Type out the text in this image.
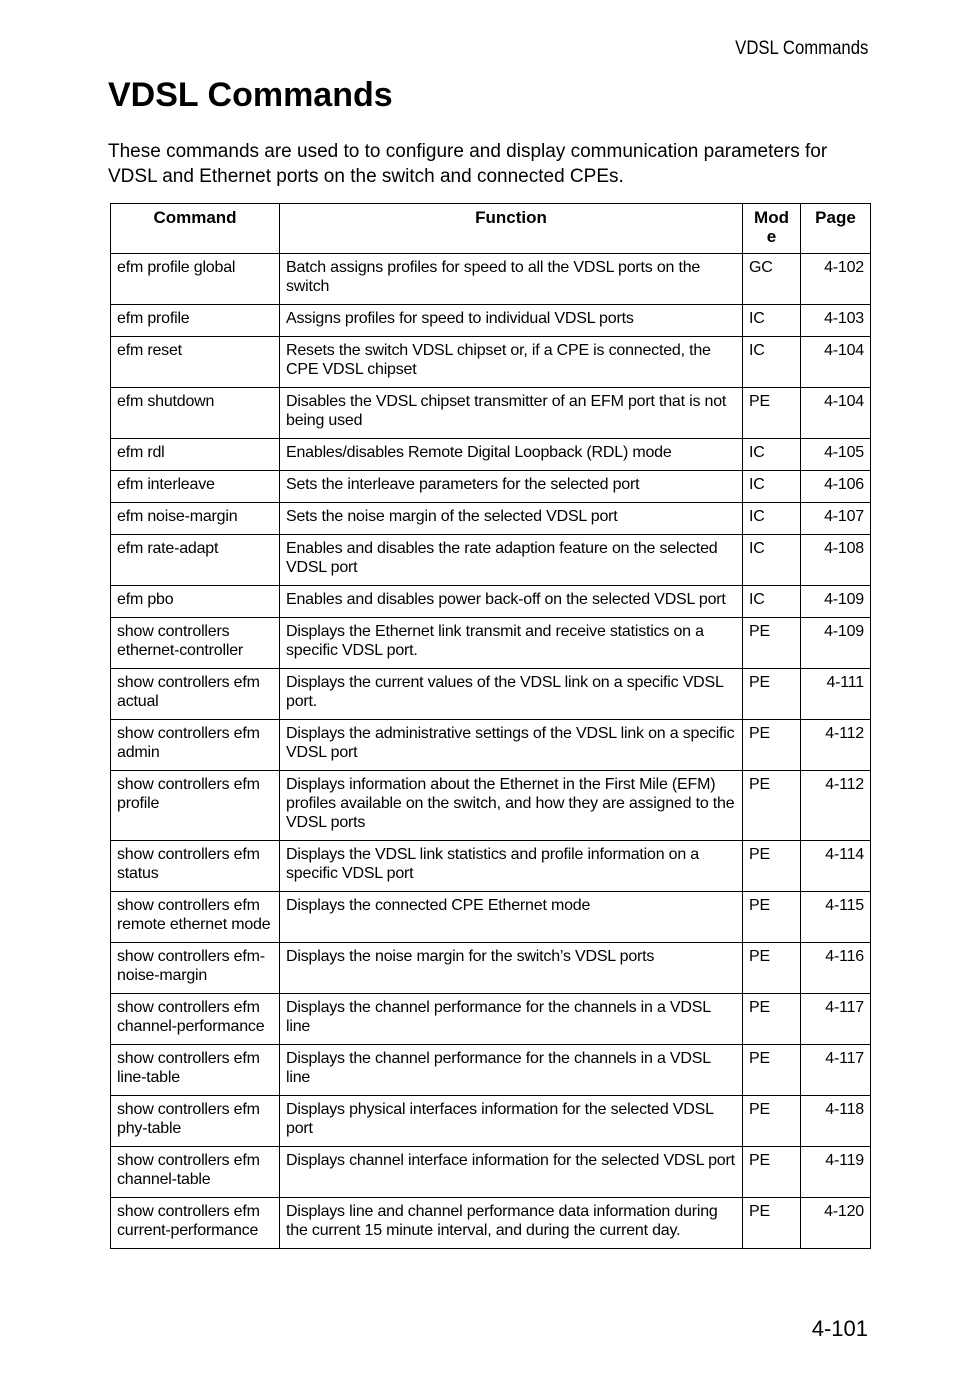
VDSL Commands
VDSL Commands

These commands are used to to configure and display communication parameters for VDSL and Ethernet ports on the switch and connected CPEs.

Command	Function	Mod e	Page
efm profile global	Batch assigns profiles for speed to all the VDSL ports on the switch	GC	4-102
efm profile	Assigns profiles for speed to individual VDSL ports	IC	4-103
efm reset	Resets the switch VDSL chipset or, if a CPE is connected, the CPE VDSL chipset	IC	4-104
efm shutdown	Disables the VDSL chipset transmitter of an EFM port that is not being used	PE	4-104
efm rdl	Enables/disables Remote Digital Loopback (RDL) mode	IC	4-105
efm interleave	Sets the interleave parameters for the selected port	IC	4-106
efm noise-margin	Sets the noise margin of the selected VDSL port	IC	4-107
efm rate-adapt	Enables and disables the rate adaption feature on the selected VDSL port	IC	4-108
efm pbo	Enables and disables power back-off on the selected VDSL port	IC	4-109
show controllers ethernet-controller	Displays the Ethernet link transmit and receive statistics on a specific VDSL port.	PE	4-109
show controllers efm actual	Displays the current values of the VDSL link on a specific VDSL port.	PE	4-111
show controllers efm admin	Displays the administrative settings of the VDSL link on a specific VDSL port	PE	4-112
show controllers efm profile	Displays information about the Ethernet in the First Mile (EFM) profiles available on the switch, and how they are assigned to the VDSL ports	PE	4-112
show controllers efm status	Displays the VDSL link statistics and profile information on a specific VDSL port	PE	4-114
show controllers efm remote ethernet mode	Displays the connected CPE Ethernet mode	PE	4-115
show controllers efm-noise-margin	Displays the noise margin for the switch’s VDSL ports	PE	4-116
show controllers efm channel-performance	Displays the channel performance for the channels in a VDSL line	PE	4-117
show controllers efm line-table	Displays the channel performance for the channels in a VDSL line	PE	4-117
show controllers efm phy-table	Displays physical interfaces information for the selected VDSL port	PE	4-118
show controllers efm channel-table	Displays channel interface information for the selected VDSL port	PE	4-119
show controllers efm current-performance	Displays line and channel performance data information during the current 15 minute interval, and during the current day.	PE	4-120
4-101
